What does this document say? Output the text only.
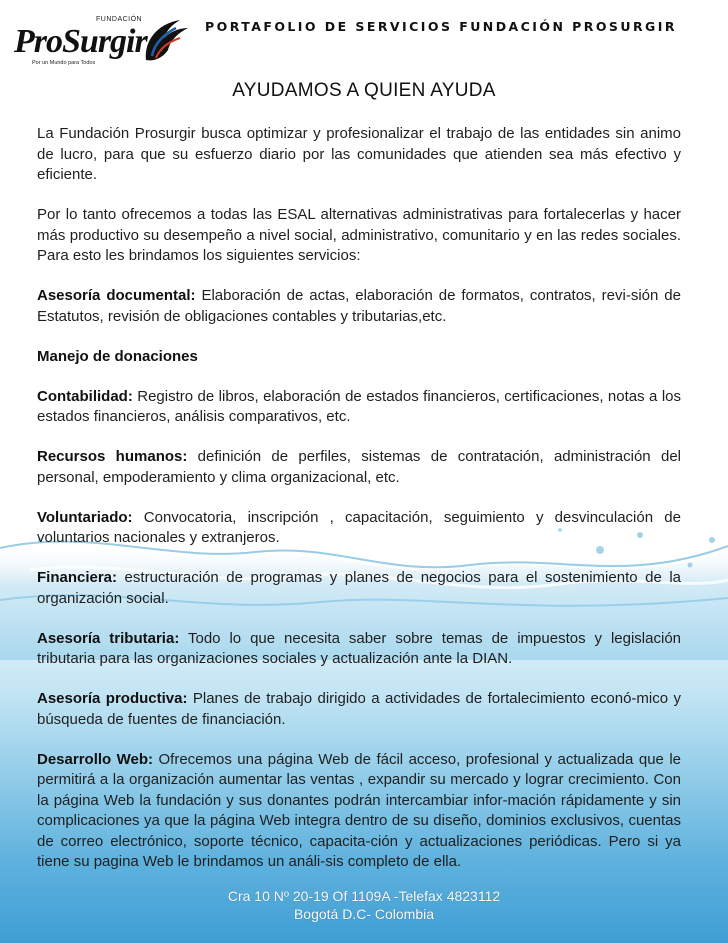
FUNDACIÓN
ProSurgir
Por un Mundo para Todos
PORTAFOLIO DE SERVICIOS FUNDACIÓN PROSURGIR
AYUDAMOS A QUIEN AYUDA

La Fundación Prosurgir busca optimizar y profesionalizar el trabajo de las entidades sin animo de lucro, para que su esfuerzo diario por las comunidades que atienden sea más efectivo y eficiente.

Por lo tanto ofrecemos a todas las ESAL alternativas administrativas para fortalecerlas y hacer más productivo su desempeño a nivel social, administrativo, comunitario y en las redes sociales. Para esto les brindamos los siguientes servicios:

Asesoría documental: Elaboración de actas, elaboración de formatos, contratos, revi-sión de Estatutos, revisión de obligaciones contables y tributarias,etc.

Manejo de donaciones

Contabilidad: Registro de libros, elaboración de estados financieros, certificaciones, notas a los estados financieros, análisis comparativos, etc.

Recursos humanos: definición de perfiles, sistemas de contratación, administración del personal, empoderamiento y clima organizacional, etc.

Voluntariado: Convocatoria, inscripción , capacitación, seguimiento y desvinculación de voluntarios nacionales y extranjeros.

Financiera: estructuración de programas y planes de negocios para el sostenimiento de la organización social.

Asesoría tributaria: Todo lo que necesita saber sobre temas de impuestos y legislación tributaria para las organizaciones sociales y actualización ante la DIAN.

Asesoría productiva: Planes de trabajo dirigido a actividades de fortalecimiento econó-mico y búsqueda de fuentes de financiación.

Desarrollo Web: Ofrecemos una página Web de fácil acceso, profesional y actualizada que le permitirá a la organización aumentar las ventas , expandir su mercado y lograr crecimiento. Con la página Web la fundación y sus donantes podrán intercambiar infor-mación rápidamente y sin complicaciones ya que la página Web integra dentro de su diseño, dominios exclusivos, cuentas de correo electrónico, soporte técnico, capacita-ción y actualizaciones periódicas. Pero si ya tiene su pagina Web le brindamos un análi-sis completo de ella.

Cra 10 Nº 20-19 Of 1109A -Telefax 4823112
Bogotá D.C- Colombia
